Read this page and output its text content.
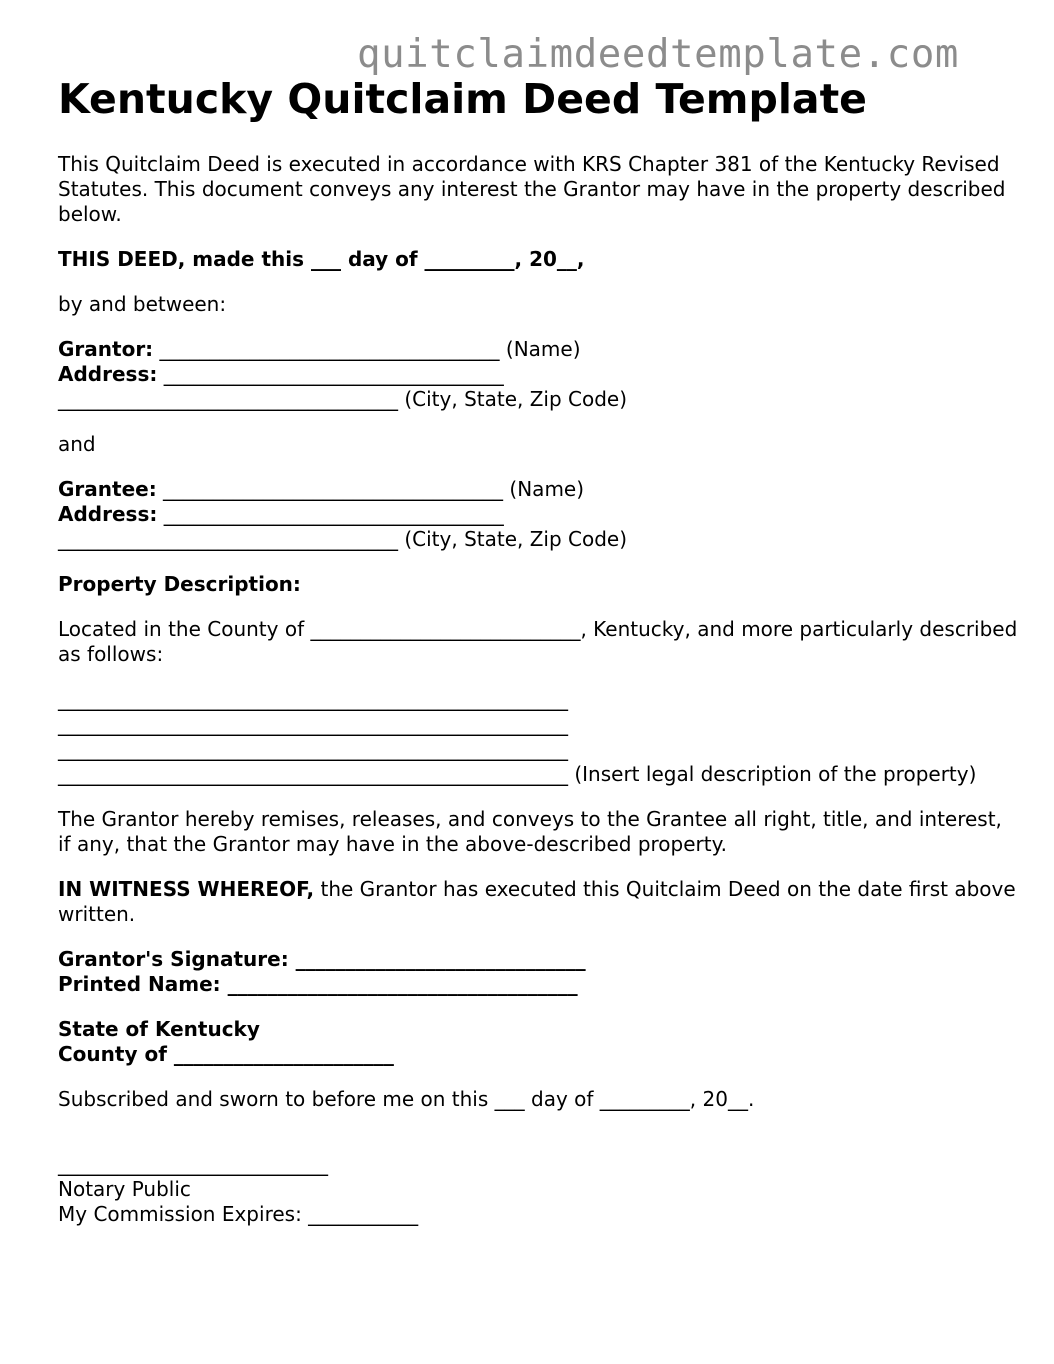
quitclaimdeedtemplate.com
Kentucky Quitclaim Deed Template

This Quitclaim Deed is executed in accordance with KRS Chapter 381 of the Kentucky Revised Statutes. This document conveys any interest the Grantor may have in the property described below.

THIS DEED, made this ___ day of _________, 20__,

by and between:

Grantor: __________________________________ (Name)

Address: __________________________________

__________________________________ (City, State, Zip Code)

and

Grantee: __________________________________ (Name)

Address: __________________________________

__________________________________ (City, State, Zip Code)

Property Description:

Located in the County of ___________________________, Kentucky, and more particularly described as follows:

___________________________________________________

___________________________________________________

___________________________________________________

___________________________________________________ (Insert legal description of the property)

The Grantor hereby remises, releases, and conveys to the Grantee all right, title, and interest, if any, that the Grantor may have in the above-described property.

IN WITNESS WHEREOF, the Grantor has executed this Quitclaim Deed on the date first above written.

Grantor's Signature: _____________________________

Printed Name: ___________________________________

State of Kentucky

County of ______________________

Subscribed and sworn to before me on this ___ day of _________, 20__.

___________________________

Notary Public

My Commission Expires: ___________
